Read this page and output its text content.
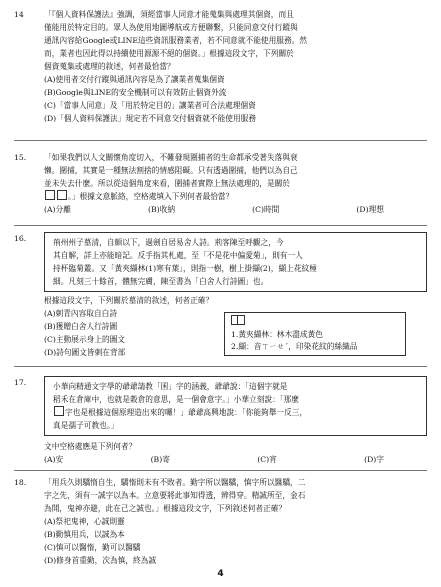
14	「『個人資料保護法』強調，須經當事人同意才能蒐集與處理其個資，而且
僅能用於特定目的。眾人為使用地圖導航或方便聯繫，只能同意交付行蹤與
通訊內容給Google或LINE這些資訊服務業者，若不同意就不能使用服務。然
而，業者也因此得以持續使用源源不絕的個資。」根據這段文字，下列關於
個資蒐集或處理的敘述，何者最恰當？
(A)使用者交付行蹤與通訊內容是為了讓業者蒐集個資
(B)Google與LINE的安全機制可以有效防止個資外流
(C)「當事人同意」及「用於特定目的」讓業者可合法處理個資
(D)「個人資料保護法」規定若不同意交付個資就不能使用服務
15.	「如果我們以人文關懷角度切入，不難發現圍捕者的生命都承受著失落與衰
懶。圍捕，其實是一種無法割捨的情感阻礙。只有透過圍捕，他們以為自己
並未失去什麼。所以從這個角度來看，圍捕者實際上無法處理的，是關於
。」根據文意脈絡，空格處填入下列何者最恰當？
(A)分離	(B)收納	(C)時間	(D)理想
16.	荊州州子墓清，自頗以下，過劍自居易舍人詩。荊客陳至呼觀之，今
其自解，詳上亦能暗記。反手指其札處，至「不是花中偏愛菊」，則有一人
持杯臨菊叢。又「黃夾纈林(1)寒有葉」，則指一樹，樹上掛纈(2)，纈上花紋極
細。凡刻三十餘首，體無完膚，陳至書為「白舍人行詩圖」也。
根據這段文字，下列關於墓清的敘述，何者正確？
(A)刺青內容取自白詩
(B)獲贈白舍人行詩圖
(C)主動展示身上的圖文
(D)詩句圖文皆刺在背部
1.黃夾纈林：林木盡成黃色
2.纈：音ㄒㄧㄝˊ，印染花紋的絲織品
17.	小華向精通文字學的爺爺請教「囷」字的涵義，爺爺說：「這個字就是
稻禾在倉庫中，也就是穀倉的意思，是一個會意字。」小華立刻說：「那麼
字也是根據這個原理造出來的囉！」爺爺高興地說：「你能夠舉一反三，
真是孺子可教也。」
文中空格處應是下列何者？
(A)安	(B)寄	(C)宵	(D)字
18.	「用兵久則驕惰自生，驕惰則未有不敗者。勤字所以醫驕，慎字所以醫驕，二
字之先，須有一誠字以為本。立意要將此事知得透，辨得穿。精誠所至，金石
為開，鬼神亦避，此在己之誠也。」根據這段文字，下列敘述何者正確？
(A)祭祀鬼神，心誠則靈
(B)勤慎用兵，以誠為本
(C)慎可以醫惰，勤可以醫驕
(D)修身首重勤，次為慎，終為誠
4
